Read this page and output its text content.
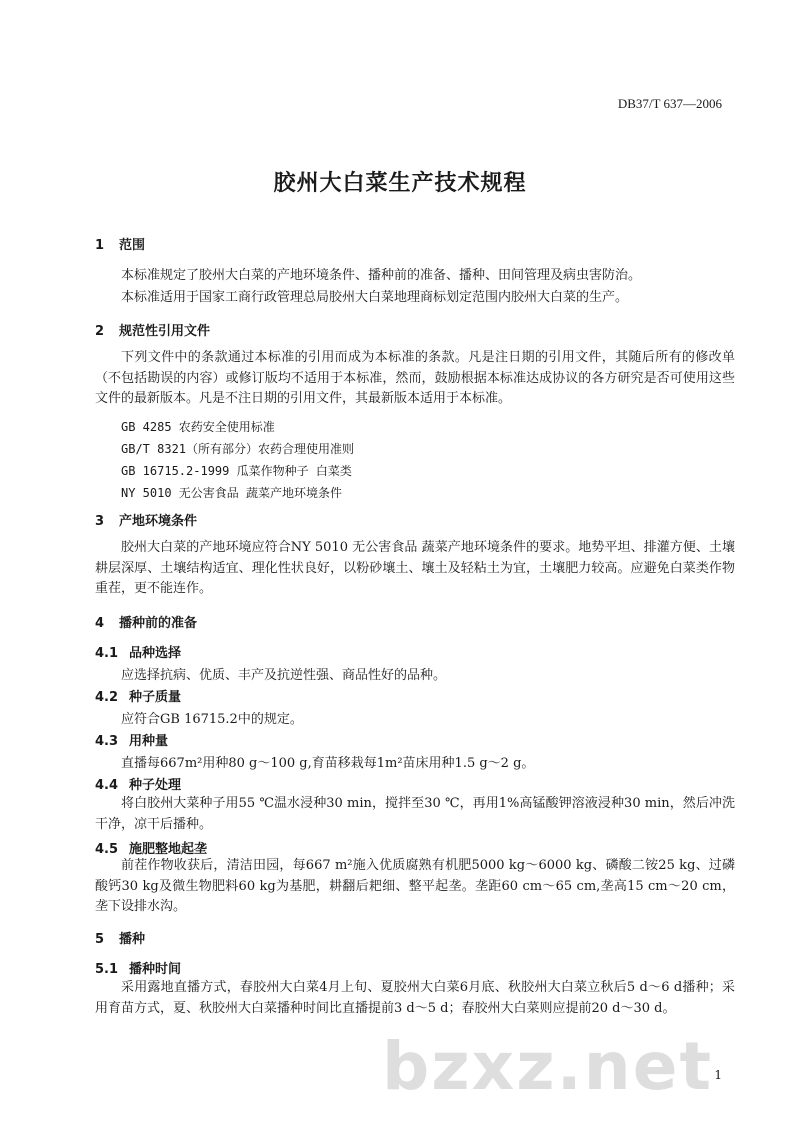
DB37/T 637—2006
胶州大白菜生产技术规程
1 范围
本标准规定了胶州大白菜的产地环境条件、播种前的准备、播种、田间管理及病虫害防治。
本标准适用于国家工商行政管理总局胶州大白菜地理商标划定范围内胶州大白菜的生产。
2 规范性引用文件
下列文件中的条款通过本标准的引用而成为本标准的条款。凡是注日期的引用文件，其随后所有的修改单（不包括勘误的内容）或修订版均不适用于本标准，然而，鼓励根据本标准达成协议的各方研究是否可使用这些文件的最新版本。凡是不注日期的引用文件，其最新版本适用于本标准。
GB 4285 农药安全使用标准
GB/T 8321（所有部分）农药合理使用准则
GB 16715.2-1999 瓜菜作物种子 白菜类
NY 5010 无公害食品 蔬菜产地环境条件
3 产地环境条件
胶州大白菜的产地环境应符合NY 5010 无公害食品 蔬菜产地环境条件的要求。地势平坦、排灌方便、土壤耕层深厚、土壤结构适宜、理化性状良好，以粉砂壤土、壤土及轻粘土为宜，土壤肥力较高。应避免白菜类作物重茬，更不能连作。
4 播种前的准备
4.1 品种选择
应选择抗病、优质、丰产及抗逆性强、商品性好的品种。
4.2 种子质量
应符合GB 16715.2中的规定。
4.3 用种量
直播每667m²用种80 g～100 g,育苗移栽每1m²苗床用种1.5 g～2 g。
4.4 种子处理
将白胶州大菜种子用55 ℃温水浸种30 min，搅拌至30 ℃，再用1%高锰酸钾溶液浸种30 min，然后冲洗干净，凉干后播种。
4.5 施肥整地起垄
前茬作物收获后，清洁田园，每667 m²施入优质腐熟有机肥5000 kg～6000 kg、磷酸二铵25 kg、过磷酸钙30 kg及微生物肥料60 kg为基肥，耕翻后耙细、整平起垄。垄距60 cm～65 cm,垄高15 cm～20 cm，垄下设排水沟。
5 播种
5.1 播种时间
采用露地直播方式，春胶州大白菜4月上旬、夏胶州大白菜6月底、秋胶州大白菜立秋后5 d～6 d播种；采用育苗方式，夏、秋胶州大白菜播种时间比直播提前3 d～5 d；春胶州大白菜则应提前20 d～30 d。
bzxz.net 1
